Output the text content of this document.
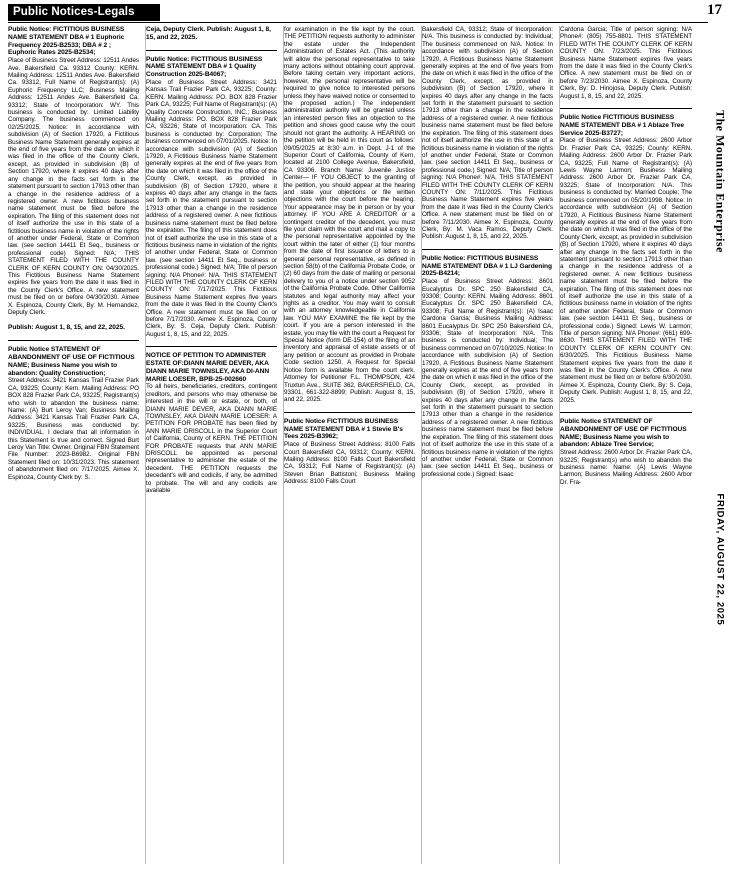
Public Notices-Legals	17
The Mountain Enterprise
FRIDAY, AUGUST 22, 2025

Public Notice: FICTITIOUS BUSINESS NAME STATEMENT DBA # 1 Euphoric Frequency 2025-B2533; DBA # 2 ; Euphoric Rates 2025-B2534;

Place of Business Street Address: 12511 Andes Ave. Bakersfield Ca. 93312 County: KERN. Mailing Address: 12511 Andes Ave. Bakersfield Ca. 93312, Full Name of Registrant(s): (A) Euphoric Frequency LLC; Business Mailing Address: 12511 Andes Ave. Bakersfield Ca. 93312; State of Incorporation: WY. This business is conducted by: Limited Liability Company. The business commenced on 02/25/2025. Notice: In accordance with subdivision (A) of Section 17920, a Fictitious Business Name Statement generally expires at the end of five years from the date on which it was filed in the office of the County Clerk, except, as provided in subdivision (B) of Section 17920, where it expires 40 days after any change in the facts set forth in the statement pursuant to section 17913 other than a change in the residence address of a registered owner. A new fictitious business name statement must be filed before the expiration. The filing of this statement does not of itself authorize the use in this state of a fictitious business name in violation of the rights of another under Federal, State or Common law. (see section 14411 Et Seq., business or professional code) Signed: N/A; THIS STATEMENT FILED WITH THE COUNTY CLERK OF KERN COUNTY ON: 04/30/2025. This Fictitious Business Name Statement expires five years from the date it was filed in the County Clerk's Office. A new statement must be filed on or before 04/30/2030. Aimee X. Espinoza, County Clerk, By: M. Hernandez, Deputy Clerk.

Publish: August 1, 8, 15, and 22, 2025.

Public Notice STATEMENT OF ABANDONMENT OF USE OF FICTITIOUS NAME; Business Name you wish to abandon: Quality Construction;

Street Address: 3421 Kansas Trail Frazier Park CA, 93225; County: Kern. Mailing Address: PO BOX 828 Frazier Park CA, 93225; Registrant(s) who wish to abandon the business name: Name: (A) Burt Leroy Van; Business Mailing Address: 3421 Kansas Trail Frazier Park CA, 93225; Business was conducted by: INDIVIDUAL. I declare that all information in this Statement is true and correct. Signed Burt Leroy Van Title: Owner. Original FBN Statement File Number: 2023-B6982. Original FBN Statement filed on: 10/31/2023. This statement of abandonment filed on: 7/17/2025. Aimee X. Espinoza, County Clerk by: S.

Ceja, Deputy Clerk. Publish: August 1, 8, 15, and 22, 2025.

Public Notice: FICTITIOUS BUSINESS NAME STATEMENT DBA # 1 Quality Construction 2025-B4067;

Place of Business Street Address: 3421 Kansas Trail Frazier Park CA, 93225; County: KERN. Mailing Address: PO. BOX 828 Frazier Park CA, 93225; Full Name of Registrant(s): (A) Quality Concrete Construction, INC.; Business Mailing Address: PO. BOX 828 Frazier Park CA, 93226; State of Incorporation: CA. This business is conducted by: Corporation; The business commenced on 07/01/2025. Notice: In accordance with subdivision (A) of Section 17920, A Fictitious Business Name Statement generally expires at the end of five years from the date on which it was filed in the office of the County Clerk, except, as provided in subdivision (B) of Section 17920, where it expires 40 days after any change in the facts set forth in the statement pursuant to section 17913 other than a change in the residence address of a registered owner. A new fictitious business name statement must be filed before the expiration. The filing of this statement does not of itself authorize the use in this state of a fictitious business name in violation of the rights of another under Federal, State or Common law. (see section 14411 Et Seq., business or professional code.) Signed: N/A; Title of person signing: N/A Phone#: N/A. THIS STATEMENT FILED WITH THE COUNTY CLERK OF KERN COUNTY ON: 7/17/2025. This Fictitious Business Name Statement expires five years from the date it was filed in the County Clerk's Office. A new statement must be filed on or before 7/17/2030. Aimee X. Espinoza, County Clerk, By: S. Ceja, Deputy Clerk. Publish: August 1, 8, 15, and 22, 2025.

NOTICE OF PETITION TO ADMINISTER ESTATE OF:DIANN MARIE DEVER, AKA DIANN MARIE TOWNSLEY, AKA DI-ANN MARIE LOESER, BPB-25-002660

To all heirs, beneficiaries, creditors, contingent creditors, and persons who may otherwise be interested in the will or estate, or both, of DIANN MARIE DEVER, AKA DIANN MARIE TOWNSLEY, AKA DIANN MARIE LOESER: A PETITION FOR PROBATE has been filed by ANN MARIE DRISCOLL in the Superior Court of California, County of KERN. THE PETITION FOR PROBATE requests that ANN MARIE DRISCOLL be appointed as personal representative to administer the estate of the decedent. THE PETITION requests the decedant's will and codicils, if any, be admitted to probate. The will and any codicils are available

for examination in the file kept by the court. THE PETITION requests authority to administer the estate under the Independent Administration of Estates Act. (This authority will allow the personal representative to take many actions without obtaining court approval. Before taking certain very important actions, however, the personal representative will be required to give notice to interested persons unless they have waived notice or consented to the proposed action.) The independent administration authority will be granted unless an interested person files an objection to the petition and shows good cause why the court should not grant the authority. A HEARING on the petition will be held in this court as follows: 09/05/2025 at 8:30 a.m. in Dept. J-1 of the Superior Court of California, County of Kern, located at 2100 College Avenue, Bakersfield, CA 93306. Branch Name: Juvenile Justice Center— IF YOU OBJECT to the granting of the petition, you should appear at the hearing and state your objections or file written objections with the court before the hearing. Your appearance may be in person or by your attorney. IF YOU ARE A CREDITOR or a contingent creditor of the decedent, you must file your claim with the court and mail a copy to the personal representative appointed by the court within the later of either (1) four months from the date of first issuance of letters to a general personal representative, as defined in section 58(b) of the California Probate Code, or (2) 60 days from the date of mailing or personal delivery to you of a notice under section 9052 of the California Probate Code. Other California statutes and legal authority may affect your rights as a creditor. You may want to consult with an attorney knowledgeable in California law. YOU MAY EXAMINE the file kept by the court. If you are a person interested in the estate, you may file with the court a Request for Special Notice (form DE-154) of the filing of an inventory and appraisal of estate assets or of any petition or account as provided in Probate Code section 1250. A Request for Special Notice form is available from the court clerk. Attorney for Petitioner F.L. THOMPSON, 424 Truxtun Ave., SUITE 362, BAKERSFIELD, CA, 93301, 661-322-8899; Publish: August 8, 15, and 22, 2025.

Public Notice FICTITIOUS BUSINESS NAME STATEMENT DBA # 1 Stevie B's Tees 2025-B3962;

Place of Business Street Address: 8100 Falls Court Bakersfield CA, 93312; County: KERN. Mailing Address: 8100 Falls Court Bakersfield CA, 93312; Full Name of Registrant(s): (A) Steven Brian Battistoni; Business Mailing Address: 8100 Falls Court

Bakersfield CA, 93312; State of Incorporation: N/A. This business is conducted by: Individual; The business commenced on N/A. Notice: In accordance with subdivision (A) of Section 17920, A Fictitious Business Name Statement generally expires at the end of five years from the date on which it was filed in the office of the County Clerk, except, as provided in subdivision (B) of Section 17920, where it expires 40 days after any change in the facts set forth in the statement pursuant to section 17913 other than a change in the residence address of a registered owner. A new fictitious business name statement must be filed before the expiration. The filing of this statement does not of itself authorize the use in this state of a fictitious business name in violation of the rights of another under Federal, State or Common law. (see section 14411 Et Seq., business or professional code.) Signed: N/A; Title of person signing: N/A Phone#: N/A. THIS STATEMENT FILED WITH THE COUNTY CLERK OF KERN COUNTY ON: 7/11/2025. This Fictitious Business Name Statement expires five years from the date it was filed in the County Clerk's Office. A new statement must be filed on or before 7/11/2030. Aimee X. Espinoza, County Clerk, By: M. Vaca Ramos, Deputy Clerk. Publish: August 1, 8, 15, and 22, 2025.

Public Notice: FICTITIOUS BUSINESS NAME STATEMENT DBA # 1 LJ Gardening 2025-B4214;

Place of Business Street Address: 8601 Eucalyptus Dr. SPC 250 Bakersfield CA, 93308; County: KERN. Mailing Address: 8601 Eucalyptus Dr. SPC 250 Bakersfield CA, 93308; Full Name of Registrant(s): (A) Isaac Cardona Garcia; Business Mailing Address: 8601 Eucalyptus Dr. SPC 250 Bakersfield CA, 93306; State of Incorporation: N/A. This business is conducted by: Individual; The business commenced on 07/10/2025. Notice: In accordance with subdivision (A) of Section 17920, A Fictitious Business Name Statement generally expires at the end of five years from the date on which it was filed in the office of the County Clerk, except, as provided in subdivision (B) of Section 17920, where it expires 40 days after any change in the facts set forth in the statement pursuant to section 17913 other than a change in the residence address of a registered owner. A new fictitious business name statement must be filed before the expiration. The filing of this statement does not of itself authorize the use in this state of a fictitious business name in violation of the rights of another under Federal, State or Common law. (see section 14411 Et Seq., business or professional code.) Signed: Isaac

Cardona Garcia; Title of person signing: N/A Phone#: (805) 755-8801. THIS STATEMENT FILED WITH THE COUNTY CLERK OF KERN COUNTY ON: 7/23/2025. This Fictitious Business Name Statement expires five years from the date it was filed in the County Clerk's Office. A new statement must be filed on or before 7/23/2030. Aimee X. Espinoza, County Clerk, By: D. Hinojosa, Deputy Clerk. Publish: August 1, 8, 15, and 22, 2025.

Public Notice FICTITIOUS BUSINESS NAME STATEMENT DBA # 1 Ablaze Tree Service 2025-B3727;

Place of Business Street Address: 2600 Arbor Dr. Frazier Park CA, 93225; County: KERN. Mailing Address: 2600 Arbor Dr. Frazier Park CA, 93225; Full Name of Registrant(s): (A) Lewis Wayne Larmon; Business Mailing Address: 2600 Arbor Dr. Frazier Park CA, 93225; State of Incorporation: N/A. This business is conducted by: Married Couple; The business commenced on 05/20/1998. Notice: In accordance with subdivision (A) of Section 17920, A Fictitious Business Name Statement generally expires at the end of five years from the date on which it was filed in the office of the County Clerk, except, as provided in subdivision (B) of Section 17920, where it expires 40 days after any change in the facts set forth in the statement pursuant to section 17913 other than a change in the residence address of a registered owner. A new fictitious business name statement must be filed before the expiration. The filing of this statement does not of itself authorize the use in this state of a fictitious business name in violation of the rights of another under Federal, State or Common law. (see section 14411 Et Seq., business or professional code.) Signed: Lewis W. Larmon; Title of person signing: N/A Phone#: (661) 699-8630. THIS STATEMENT FILED WITH THE COUNTY CLERK OF KERN COUNTY ON: 6/30/2025. This Fictitious Business Name Statement expires five years from the date it was filed in the County Clerk's Office. A new statement must be filed on or before 6/30/2030. Aimee X. Espinoza, County Clerk, By: S. Ceja, Deputy Clerk. Publish: August 1, 8, 15, and 22, 2025.

Public Notice STATEMENT OF ABANDONMENT OF USE OF FICTITIOUS NAME; Business Name you wish to abandon: Ablaze Tree Service;

Street Address: 2600 Arbor Dr. Frazier Park CA, 93225; Registrant(s) who wish to abandon the business name: Name: (A) Lewis Wayne Larmon; Business Mailing Address: 2600 Arbor Dr. Fra-
